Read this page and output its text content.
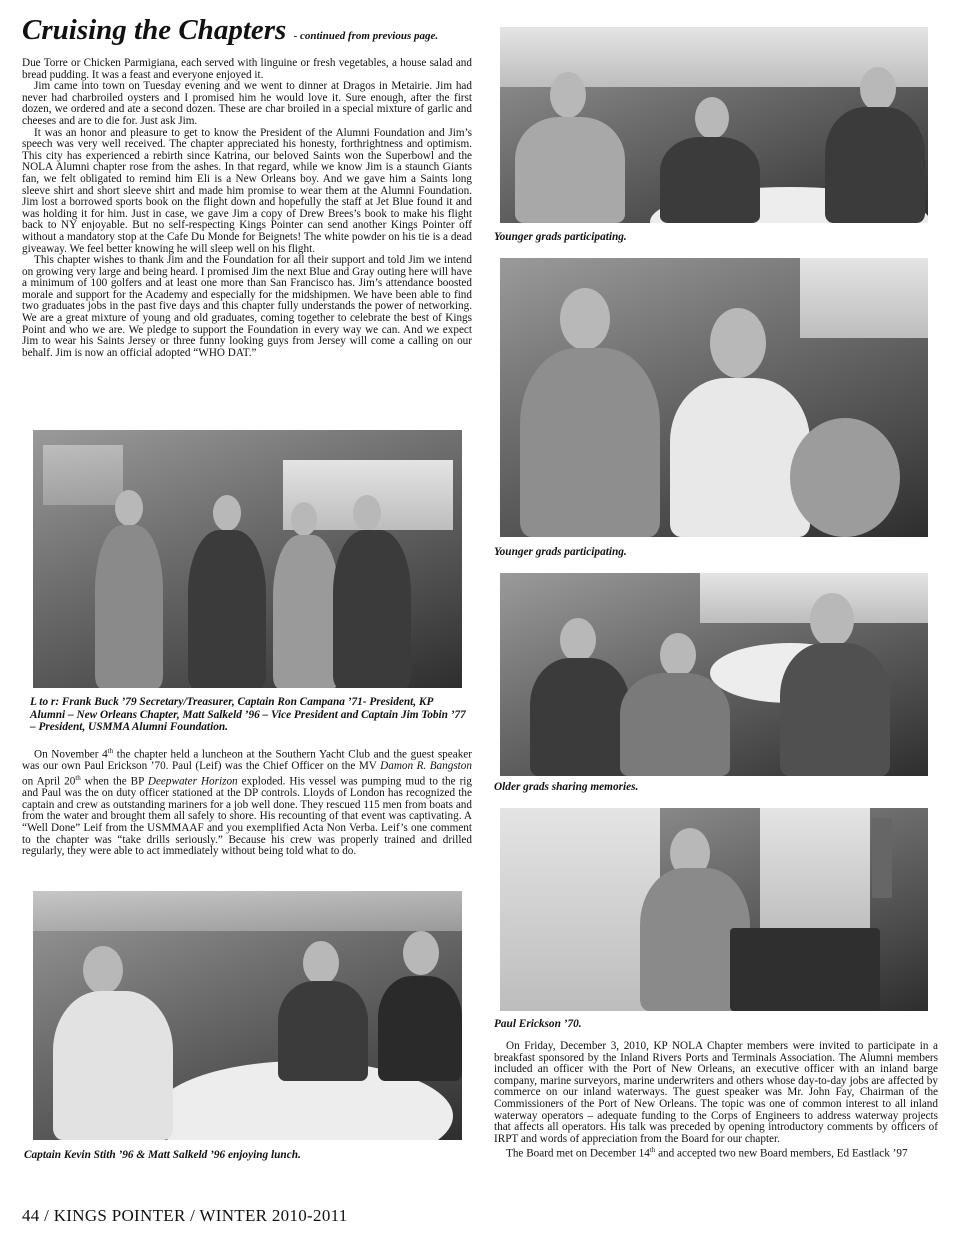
Cruising the Chapters - continued from previous page.

Due Torre or Chicken Parmigiana, each served with linguine or fresh vegetables, a house salad and bread pudding. It was a feast and everyone enjoyed it.

Jim came into town on Tuesday evening and we went to dinner at Dragos in Metairie. Jim had never had charbroiled oysters and I promised him he would love it. Sure enough, after the first dozen, we ordered and ate a second dozen. These are char broiled in a special mixture of garlic and cheeses and are to die for. Just ask Jim.

It was an honor and pleasure to get to know the President of the Alumni Foundation and Jim’s speech was very well received. The chapter appreciated his honesty, forthrightness and optimism. This city has experienced a rebirth since Katrina, our beloved Saints won the Superbowl and the NOLA Alumni chapter rose from the ashes. In that regard, while we know Jim is a staunch Giants fan, we felt obligated to remind him Eli is a New Orleans boy. And we gave him a Saints long sleeve shirt and short sleeve shirt and made him promise to wear them at the Alumni Foundation. Jim lost a borrowed sports book on the flight down and hopefully the staff at Jet Blue found it and was holding it for him. Just in case, we gave Jim a copy of Drew Brees’s book to make his flight back to NY enjoyable. But no self-respecting Kings Pointer can send another Kings Pointer off without a mandatory stop at the Cafe Du Monde for Beignets! The white powder on his tie is a dead giveaway. We feel better knowing he will sleep well on his flight.

This chapter wishes to thank Jim and the Foundation for all their support and told Jim we intend on growing very large and being heard. I promised Jim the next Blue and Gray outing here will have a minimum of 100 golfers and at least one more than San Francisco has. Jim’s attendance boosted morale and support for the Academy and especially for the midshipmen. We have been able to find two graduates jobs in the past five days and this chapter fully understands the power of networking. We are a great mixture of young and old graduates, coming together to celebrate the best of Kings Point and who we are. We pledge to support the Foundation in every way we can. And we expect Jim to wear his Saints Jersey or three funny looking guys from Jersey will come a calling on our behalf. Jim is now an official adopted “WHO DAT.”

L to r: Frank Buck ’79 Secretary/Treasurer, Captain Ron Campana ’71- President, KP Alumni – New Orleans Chapter, Matt Salkeld ’96 – Vice President and Captain Jim Tobin ’77 – President, USMMA Alumni Foundation.

On November 4th the chapter held a luncheon at the Southern Yacht Club and the guest speaker was our own Paul Erickson ’70. Paul (Leif) was the Chief Officer on the MV Damon R. Bangston on April 20th when the BP Deepwater Horizon exploded. His vessel was pumping mud to the rig and Paul was the on duty officer stationed at the DP controls. Lloyds of London has recognized the captain and crew as outstanding mariners for a job well done. They rescued 115 men from boats and from the water and brought them all safely to shore. His recounting of that event was captivating. A “Well Done” Leif from the USMMAAF and you exemplified Acta Non Verba. Leif’s one comment to the chapter was “take drills seriously.” Because his crew was properly trained and drilled regularly, they were able to act immediately without being told what to do.

Captain Kevin Stith ’96 & Matt Salkeld ’96 enjoying lunch.
Younger grads participating.
Younger grads participating.
Older grads sharing memories.
Paul Erickson ’70.

On Friday, December 3, 2010, KP NOLA Chapter members were invited to participate in a breakfast sponsored by the Inland Rivers Ports and Terminals Association. The Alumni members included an officer with the Port of New Orleans, an executive officer with an inland barge company, marine surveyors, marine underwriters and others whose day-to-day jobs are affected by commerce on our inland waterways. The guest speaker was Mr. John Fay, Chairman of the Commissioners of the Port of New Orleans. The topic was one of common interest to all inland waterway operators – adequate funding to the Corps of Engineers to address waterway projects that affects all operators. His talk was preceded by opening introductory comments by officers of IRPT and words of appreciation from the Board for our chapter.

The Board met on December 14th and accepted two new Board members, Ed Eastlack ’97

44 / KINGS POINTER / WINTER 2010-2011
